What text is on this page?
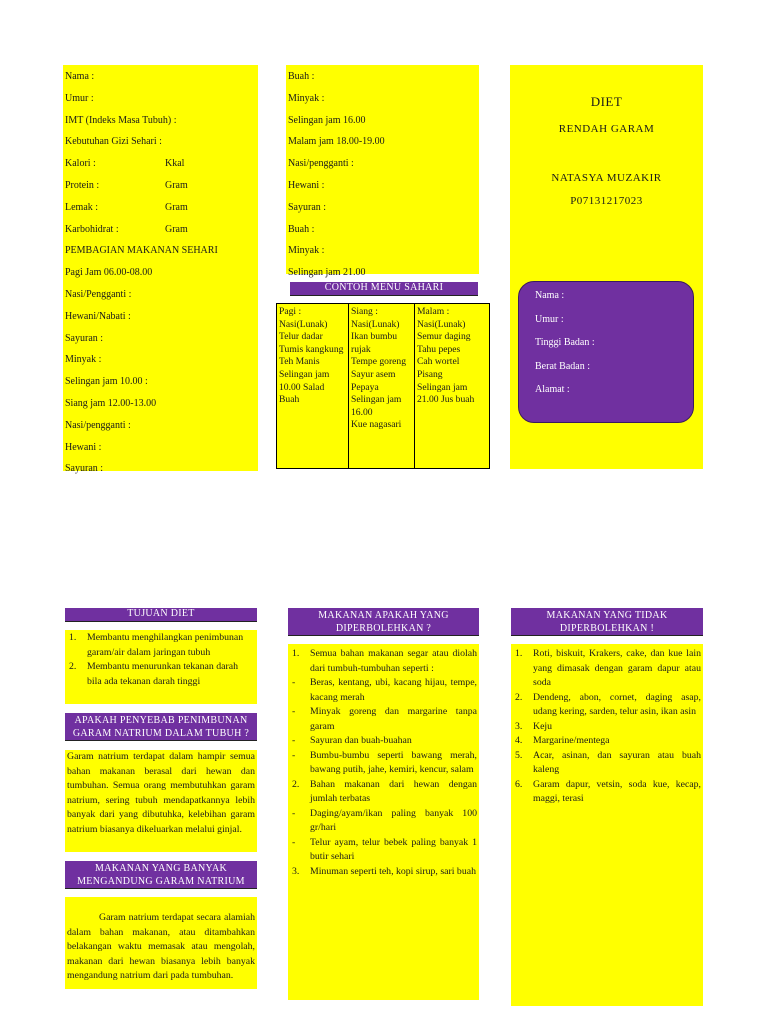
Nama :
Umur :
IMT (Indeks Masa Tubuh) :
Kebutuhan Gizi Sehari :
Kalori :	Kkal
Protein :	Gram
Lemak :	Gram
Karbohidrat :	Gram
PEMBAGIAN MAKANAN SEHARI
Pagi Jam 06.00-08.00
Nasi/Pengganti :
Hewani/Nabati :
Sayuran :
Minyak :
Selingan jam 10.00 :
Siang jam 12.00-13.00
Nasi/pengganti :
Hewani :
Sayuran :
Buah :
Minyak :
Selingan jam 16.00
Malam jam 18.00-19.00
Nasi/pengganti :
Hewani :
Sayuran :
Buah :
Minyak :
Selingan jam 21.00
CONTOH MENU SAHARI
Pagi :
Nasi(Lunak)
Telur dadar
Tumis kangkung
Teh Manis
Selingan jam 10.00 Salad Buah
Siang :
Nasi(Lunak)
Ikan bumbu rujak
Tempe goreng
Sayur asem
Pepaya
Selingan jam 16.00
Kue nagasari
Malam :
Nasi(Lunak)
Semur daging
Tahu pepes
Cah wortel
Pisang
Selingan jam 21.00 Jus buah
DIET
RENDAH GARAM
NATASYA MUZAKIR
P07131217023
Nama :
Umur :
Tinggi Badan :
Berat Badan :
Alamat :
TUJUAN DIET
1. Membantu menghilangkan penimbunan garam/air dalam jaringan tubuh
2. Membantu menurunkan tekanan darah bila ada tekanan darah tinggi
APAKAH PENYEBAB PENIMBUNAN GARAM NATRIUM DALAM TUBUH ?
Garam natrium terdapat dalam hampir semua bahan makanan berasal dari hewan dan tumbuhan. Semua orang membutuhkan garam natrium, sering tubuh mendapatkannya lebih banyak dari yang dibutuhka, kelebihan garam natrium biasanya dikeluarkan melalui ginjal.
MAKANAN YANG BANYAK MENGANDUNG GARAM NATRIUM
Garam natrium terdapat secara alamiah dalam bahan makanan, atau ditambahkan belakangan waktu memasak atau mengolah, makanan dari hewan biasanya lebih banyak mengandung natrium dari pada tumbuhan.
MAKANAN APAKAH YANG DIPERBOLEHKAN ?
1. Semua bahan makanan segar atau diolah dari tumbuh-tumbuhan seperti :
- Beras, kentang, ubi, kacang hijau, tempe, kacang merah
- Minyak goreng dan margarine tanpa garam
- Sayuran dan buah-buahan
- Bumbu-bumbu seperti bawang merah, bawang putih, jahe, kemiri, kencur, salam
2. Bahan makanan dari hewan dengan jumlah terbatas
- Daging/ayam/ikan paling banyak 100 gr/hari
- Telur ayam, telur bebek paling banyak 1 butir sehari
3. Minuman seperti teh, kopi sirup, sari buah
MAKANAN YANG TIDAK DIPERBOLEHKAN !
1. Roti, biskuit, Krakers, cake, dan kue lain yang dimasak dengan garam dapur atau soda
2. Dendeng, abon, cornet, daging asap, udang kering, sarden, telur asin, ikan asin
3. Keju
4. Margarine/mentega
5. Acar, asinan, dan sayuran atau buah kaleng
6. Garam dapur, vetsin, soda kue, kecap, maggi, terasi
